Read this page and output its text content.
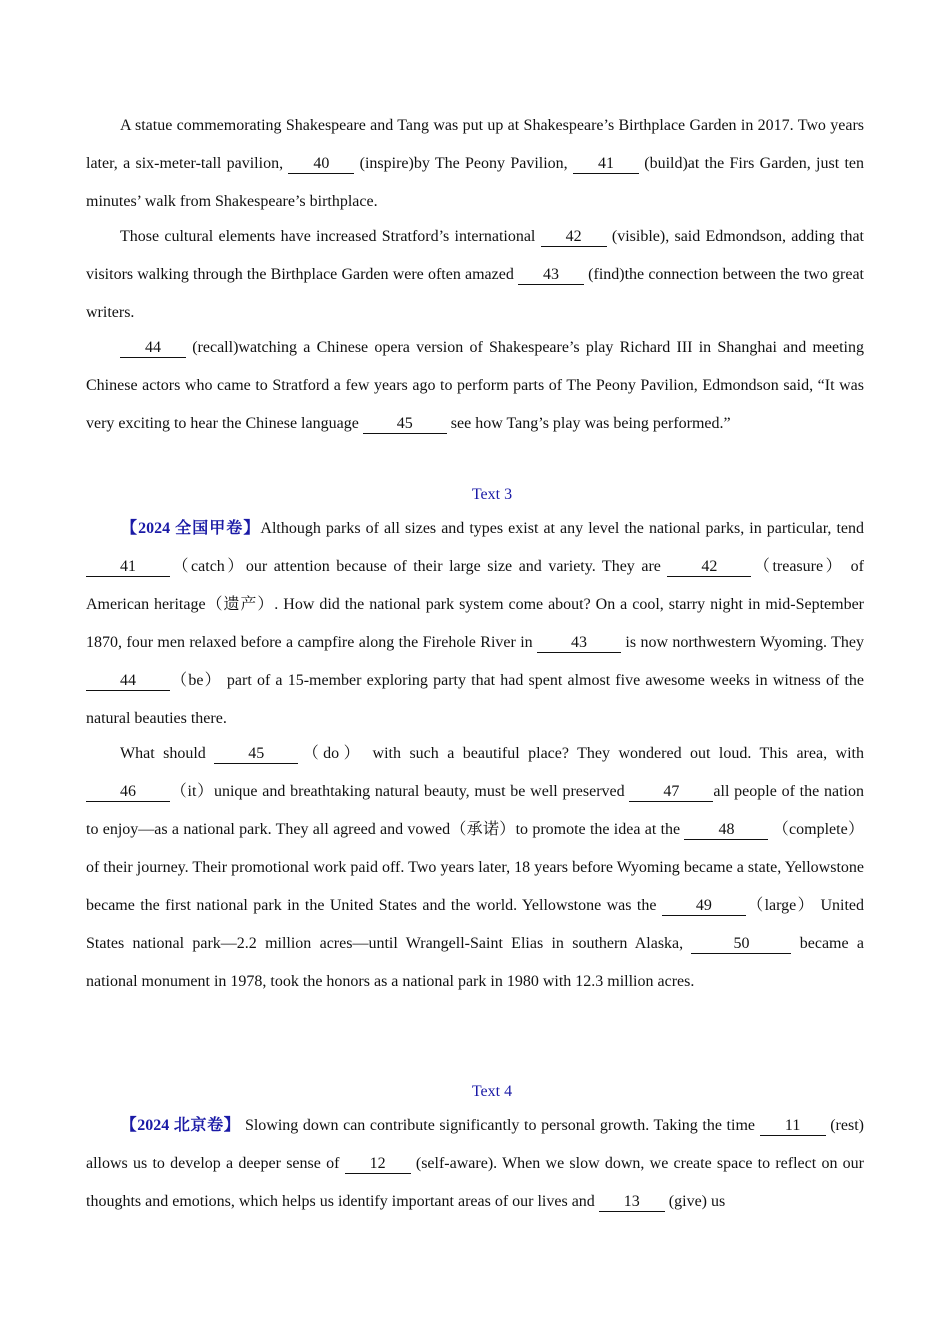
A statue commemorating Shakespeare and Tang was put up at Shakespeare’s Birthplace Garden in 2017. Two years later, a six-meter-tall pavilion, 40 (inspire)by The Peony Pavilion, 41 (build)at the Firs Garden, just ten minutes’ walk from Shakespeare’s birthplace.

Those cultural elements have increased Stratford’s international 42 (visible), said Edmondson, adding that visitors walking through the Birthplace Garden were often amazed 43 (find)the connection between the two great writers.

44 (recall)watching a Chinese opera version of Shakespeare’s play Richard III in Shanghai and meeting Chinese actors who came to Stratford a few years ago to perform parts of The Peony Pavilion, Edmondson said, “It was very exciting to hear the Chinese language 45 see how Tang’s play was being performed.”

Text 3

【2024 全国甲卷】Although parks of all sizes and types exist at any level the national parks, in particular, tend 41 （catch）our attention because of their large size and variety. They are 42 （treasure） of American heritage（遗产）. How did the national park system come about? On a cool, starry night in mid-September 1870, four men relaxed before a campfire along the Firehole River in 43 is now northwestern Wyoming. They 44 （be） part of a 15-member exploring party that had spent almost five awesome weeks in witness of the natural beauties there.

What should 45 （do） with such a beautiful place? They wondered out loud. This area, with 46 （it）unique and breathtaking natural beauty, must be well preserved 47 all people of the nation to enjoy—as a national park. They all agreed and vowed（承诺）to promote the idea at the 48 （complete）of their journey. Their promotional work paid off. Two years later, 18 years before Wyoming became a state, Yellowstone became the first national park in the United States and the world. Yellowstone was the 49 （large） United States national park—2.2 million acres—until Wrangell-Saint Elias in southern Alaska,	50	became a national monument in 1978, took the honors as a national park in 1980 with 12.3 million acres.

Text 4

【2024 北京卷】 Slowing down can contribute significantly to personal growth. Taking the time 11 (rest) allows us to develop a deeper sense of 12 (self-aware). When we slow down, we create space to reflect on our thoughts and emotions, which helps us identify important areas of our lives and 13 (give) us
